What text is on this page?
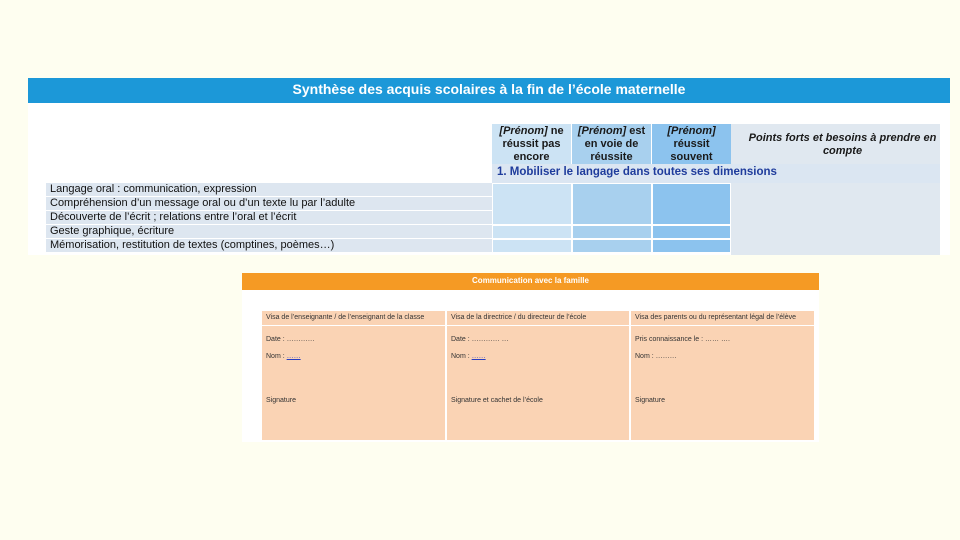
Synthèse des acquis scolaires à la fin de l’école maternelle
[Prénom] ne réussit pas encore
[Prénom] est en voie de réussite
[Prénom] réussit souvent
Points forts et besoins à prendre en compte
1. Mobiliser le langage dans toutes ses dimensions
Langage oral : communication, expression
Compréhension d’un message oral ou d’un texte lu par l’adulte
Découverte de l’écrit ; relations entre l’oral et l’écrit
Geste graphique, écriture
Mémorisation, restitution de textes (comptines, poèmes…)
Communication avec la famille
Visa de l’enseignante / de l’enseignant de la classe
Date : …………
Nom : ……
Signature
Visa de la directrice / du directeur de l’école
Date : ………… …
Nom : ……
Signature et cachet de l’école
Visa des parents ou du représentant légal de l’élève
Pris connaissance le : …… ….
Nom : ………
Signature
